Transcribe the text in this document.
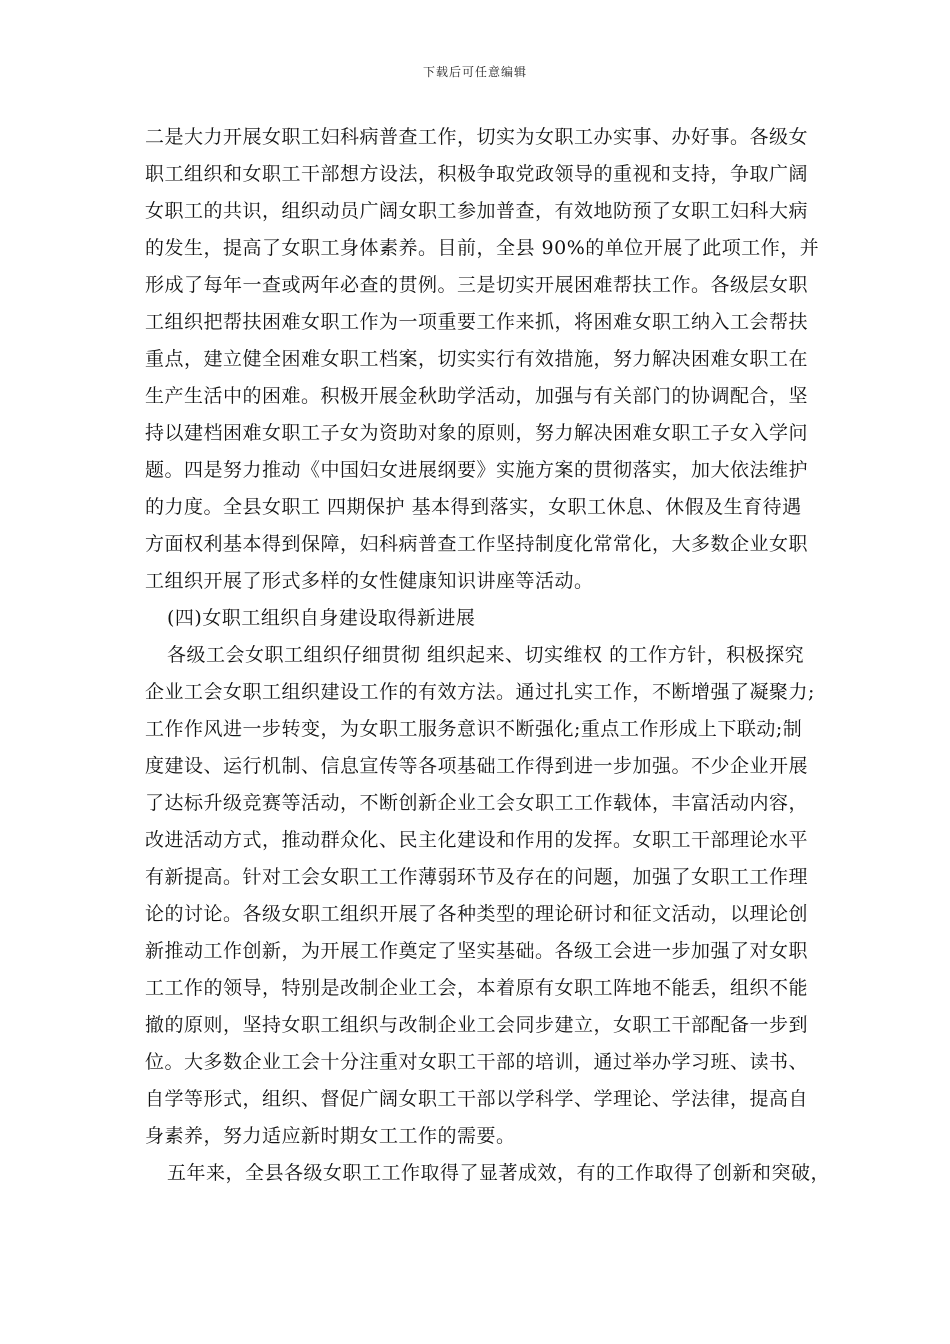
下载后可任意编辑
二是大力开展女职工妇科病普查工作，切实为女职工办实事、办好事。各级女
职工组织和女职工干部想方设法，积极争取党政领导的重视和支持，争取广阔
女职工的共识，组织动员广阔女职工参加普查，有效地防预了女职工妇科大病
的发生，提高了女职工身体素养。目前，全县 90%的单位开展了此项工作，并
形成了每年一查或两年必查的贯例。三是切实开展困难帮扶工作。各级层女职
工组织把帮扶困难女职工作为一项重要工作来抓，将困难女职工纳入工会帮扶
重点，建立健全困难女职工档案，切实实行有效措施，努力解决困难女职工在
生产生活中的困难。积极开展金秋助学活动，加强与有关部门的协调配合，坚
持以建档困难女职工子女为资助对象的原则，努力解决困难女职工子女入学问
题。四是努力推动《中国妇女进展纲要》实施方案的贯彻落实，加大依法维护
的力度。全县女职工 四期保护 基本得到落实，女职工休息、休假及生育待遇
方面权利基本得到保障，妇科病普查工作坚持制度化常常化，大多数企业女职
工组织开展了形式多样的女性健康知识讲座等活动。
(四)女职工组织自身建设取得新进展
各级工会女职工组织仔细贯彻 组织起来、切实维权 的工作方针，积极探究
企业工会女职工组织建设工作的有效方法。通过扎实工作，不断增强了凝聚力;
工作作风进一步转变，为女职工服务意识不断强化;重点工作形成上下联动;制
度建设、运行机制、信息宣传等各项基础工作得到进一步加强。不少企业开展
了达标升级竞赛等活动，不断创新企业工会女职工工作载体，丰富活动内容，
改进活动方式，推动群众化、民主化建设和作用的发挥。女职工干部理论水平
有新提高。针对工会女职工工作薄弱环节及存在的问题，加强了女职工工作理
论的讨论。各级女职工组织开展了各种类型的理论研讨和征文活动，以理论创
新推动工作创新，为开展工作奠定了坚实基础。各级工会进一步加强了对女职
工工作的领导，特别是改制企业工会，本着原有女职工阵地不能丢，组织不能
撤的原则，坚持女职工组织与改制企业工会同步建立，女职工干部配备一步到
位。大多数企业工会十分注重对女职工干部的培训，通过举办学习班、读书、
自学等形式，组织、督促广阔女职工干部以学科学、学理论、学法律，提高自
身素养，努力适应新时期女工工作的需要。
五年来，全县各级女职工工作取得了显著成效，有的工作取得了创新和突破，
